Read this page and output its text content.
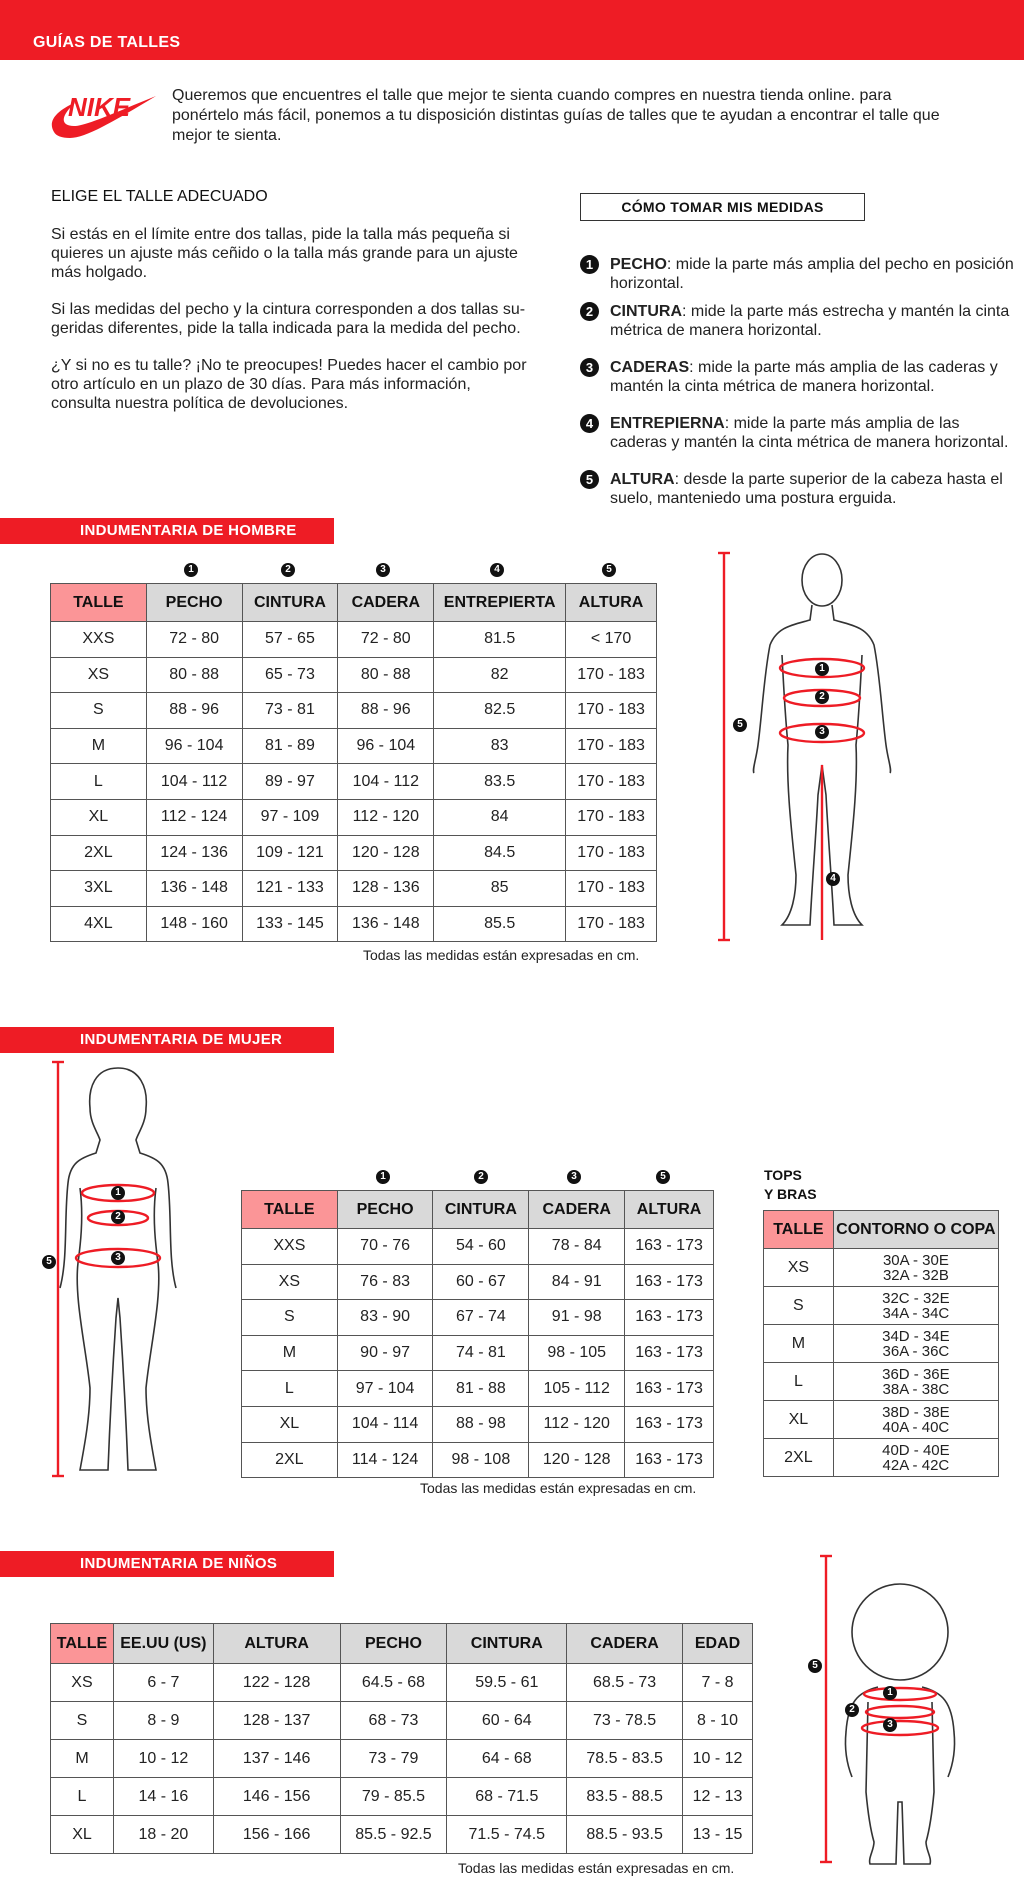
GUÍAS DE TALLES
NIKE	Queremos que encuentres el talle que mejor te sienta cuando compres en nuestra tienda online. para ponértelo más fácil, ponemos a tu disposición distintas guías de talles que te ayudan a encontrar el talle que mejor te sienta.
ELIGE EL TALLE ADECUADO
Si estás en el límite entre dos tallas, pide la talla más pequeña si quieres un ajuste más ceñido o la talla más grande para un ajuste más holgado.
Si las medidas del pecho y la cintura corresponden a dos tallas su-geridas diferentes, pide la talla indicada para la medida del pecho.
¿Y si no es tu talle? ¡No te preocupes! Puedes hacer el cambio por otro artículo en un plazo de 30 días. Para más información, consulta nuestra política de devoluciones.
CÓMO TOMAR MIS MEDIDAS
1	PECHO: mide la parte más amplia del pecho en posición horizontal.
2	CINTURA: mide la parte más estrecha y mantén la cinta métrica de manera horizontal.
3	CADERAS: mide la parte más amplia de las caderas y mantén la cinta métrica de manera horizontal.
4	ENTREPIERNA: mide la parte más amplia de las caderas y mantén la cinta métrica de manera horizontal.
5	ALTURA: desde la parte superior de la cabeza hasta el suelo, manteniedo uma postura erguida.
INDUMENTARIA DE HOMBRE
1	2	3	4	5
TALLE	PECHO	CINTURA	CADERA	ENTREPIERTA	ALTURA
XXS	72 - 80	57 - 65	72 - 80	81.5	< 170
XS	80 - 88	65 - 73	80 - 88	82	170 - 183
S	88 - 96	73 - 81	88 - 96	82.5	170 - 183
M	96 - 104	81 - 89	96 - 104	83	170 - 183
L	104 - 112	89 - 97	104 - 112	83.5	170 - 183
XL	112 - 124	97 - 109	112 - 120	84	170 - 183
2XL	124 - 136	109 - 121	120 - 128	84.5	170 - 183
3XL	136 - 148	121 - 133	128 - 136	85	170 - 183
4XL	148 - 160	133 - 145	136 - 148	85.5	170 - 183
Todas las medidas están expresadas en cm.
1
2
3
4
5
INDUMENTARIA DE MUJER
1
2
3
5
1	2	3	5
TALLE	PECHO	CINTURA	CADERA	ALTURA
XXS	70 - 76	54 - 60	78 - 84	163 - 173
XS	76 - 83	60 - 67	84 - 91	163 - 173
S	83 - 90	67 - 74	91 - 98	163 - 173
M	90 - 97	74 - 81	98 - 105	163 - 173
L	97 - 104	81 - 88	105 - 112	163 - 173
XL	104 - 114	88 - 98	112 - 120	163 - 173
2XL	114 - 124	98 - 108	120 - 128	163 - 173
Todas las medidas están expresadas en cm.
TOPS
Y BRAS
TALLE	CONTORNO O COPA
XS	30A - 30E
32A - 32B

S	32C - 32E
34A - 34C

M	34D - 34E
36A - 36C

L	36D - 36E
38A - 38C

XL	38D - 38E
40A - 40C

2XL	40D - 40E
42A - 42C
INDUMENTARIA DE NIÑOS
TALLE	EE.UU (US)	ALTURA	PECHO	CINTURA	CADERA	EDAD
XS	6 - 7	122 - 128	64.5 - 68	59.5 - 61	68.5 - 73	7 - 8
S	8 - 9	128 - 137	68 - 73	60 - 64	73 - 78.5	8 - 10
M	10 - 12	137 - 146	73 - 79	64 - 68	78.5 - 83.5	10 - 12
L	14 - 16	146 - 156	79 - 85.5	68 - 71.5	83.5 - 88.5	12 - 13
XL	18 - 20	156 - 166	85.5 - 92.5	71.5 - 74.5	88.5 - 93.5	13 - 15
Todas las medidas están expresadas en cm.
1
2
3
5
